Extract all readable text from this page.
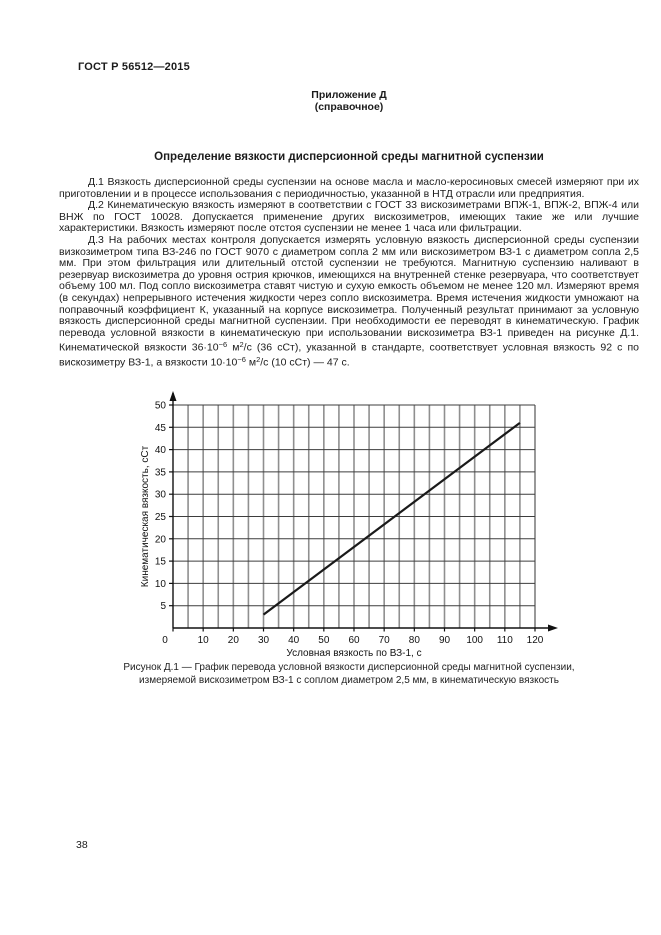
ГОСТ Р 56512—2015
Приложение Д
(справочное)
Определение вязкости дисперсионной среды магнитной суспензии

Д.1 Вязкость дисперсионной среды суспензии на основе масла и масло-керосиновых смесей измеряют при их приготовлении и в процессе использования с периодичностью, указанной в НТД отрасли или предприятия.

Д.2 Кинематическую вязкость измеряют в соответствии с ГОСТ 33 вискозиметрами ВПЖ-1, ВПЖ-2, ВПЖ-4 или ВНЖ по ГОСТ 10028. Допускается применение других вискозиметров, имеющих такие же или лучшие характеристики. Вязкость измеряют после отстоя суспензии не менее 1 часа или фильтрации.

Д.3 На рабочих местах контроля допускается измерять условную вязкость дисперсионной среды суспензии визкозиметром типа ВЗ-246 по ГОСТ 9070 с диаметром сопла 2 мм или вискозиметром ВЗ-1 с диаметром сопла 2,5 мм. При этом фильтрация или длительный отстой суспензии не требуются. Магнитную суспензию наливают в резервуар вискозиметра до уровня острия крючков, имеющихся на внутренней стенке резервуара, что соответствует объему 100 мл. Под сопло вискозиметра ставят чистую и сухую емкость объемом не менее 120 мл. Измеряют время (в секундах) непрерывного истечения жидкости через сопло вискозиметра. Время истечения жидкости умножают на поправочный коэффициент К, указанный на корпусе вискозиметра. Полученный результат принимают за условную вязкость дисперсионной среды магнитной суспензии. При необходимости ее переводят в кинематическую. График перевода условной вязкости в кинематическую при использовании вискозиметра ВЗ-1 приведен на рисунке Д.1. Кинематической вязкости $36\cdot 10^{-6}$ $м^2/с$ (36 сСт), указанной в стандарте, соответствует условная вязкость 92 с по вискозиметру ВЗ-1, а вязкости $10\cdot 10^{-6}$ $м^2/с$ (10 сСт) — 47 с.

5
10
15
20
25
30
35
40
45
50
0	10 20 30 40 50 60 70 80 90 100 110 120
Кинематическая вязкость, сСт
Условная вязкость по ВЗ-1, с
Рисунок Д.1 — График перевода условной вязкости дисперсионной среды магнитной суспензии,
измеряемой вискозиметром ВЗ-1 с соплом диаметром 2,5 мм, в кинематическую вязкость
38
